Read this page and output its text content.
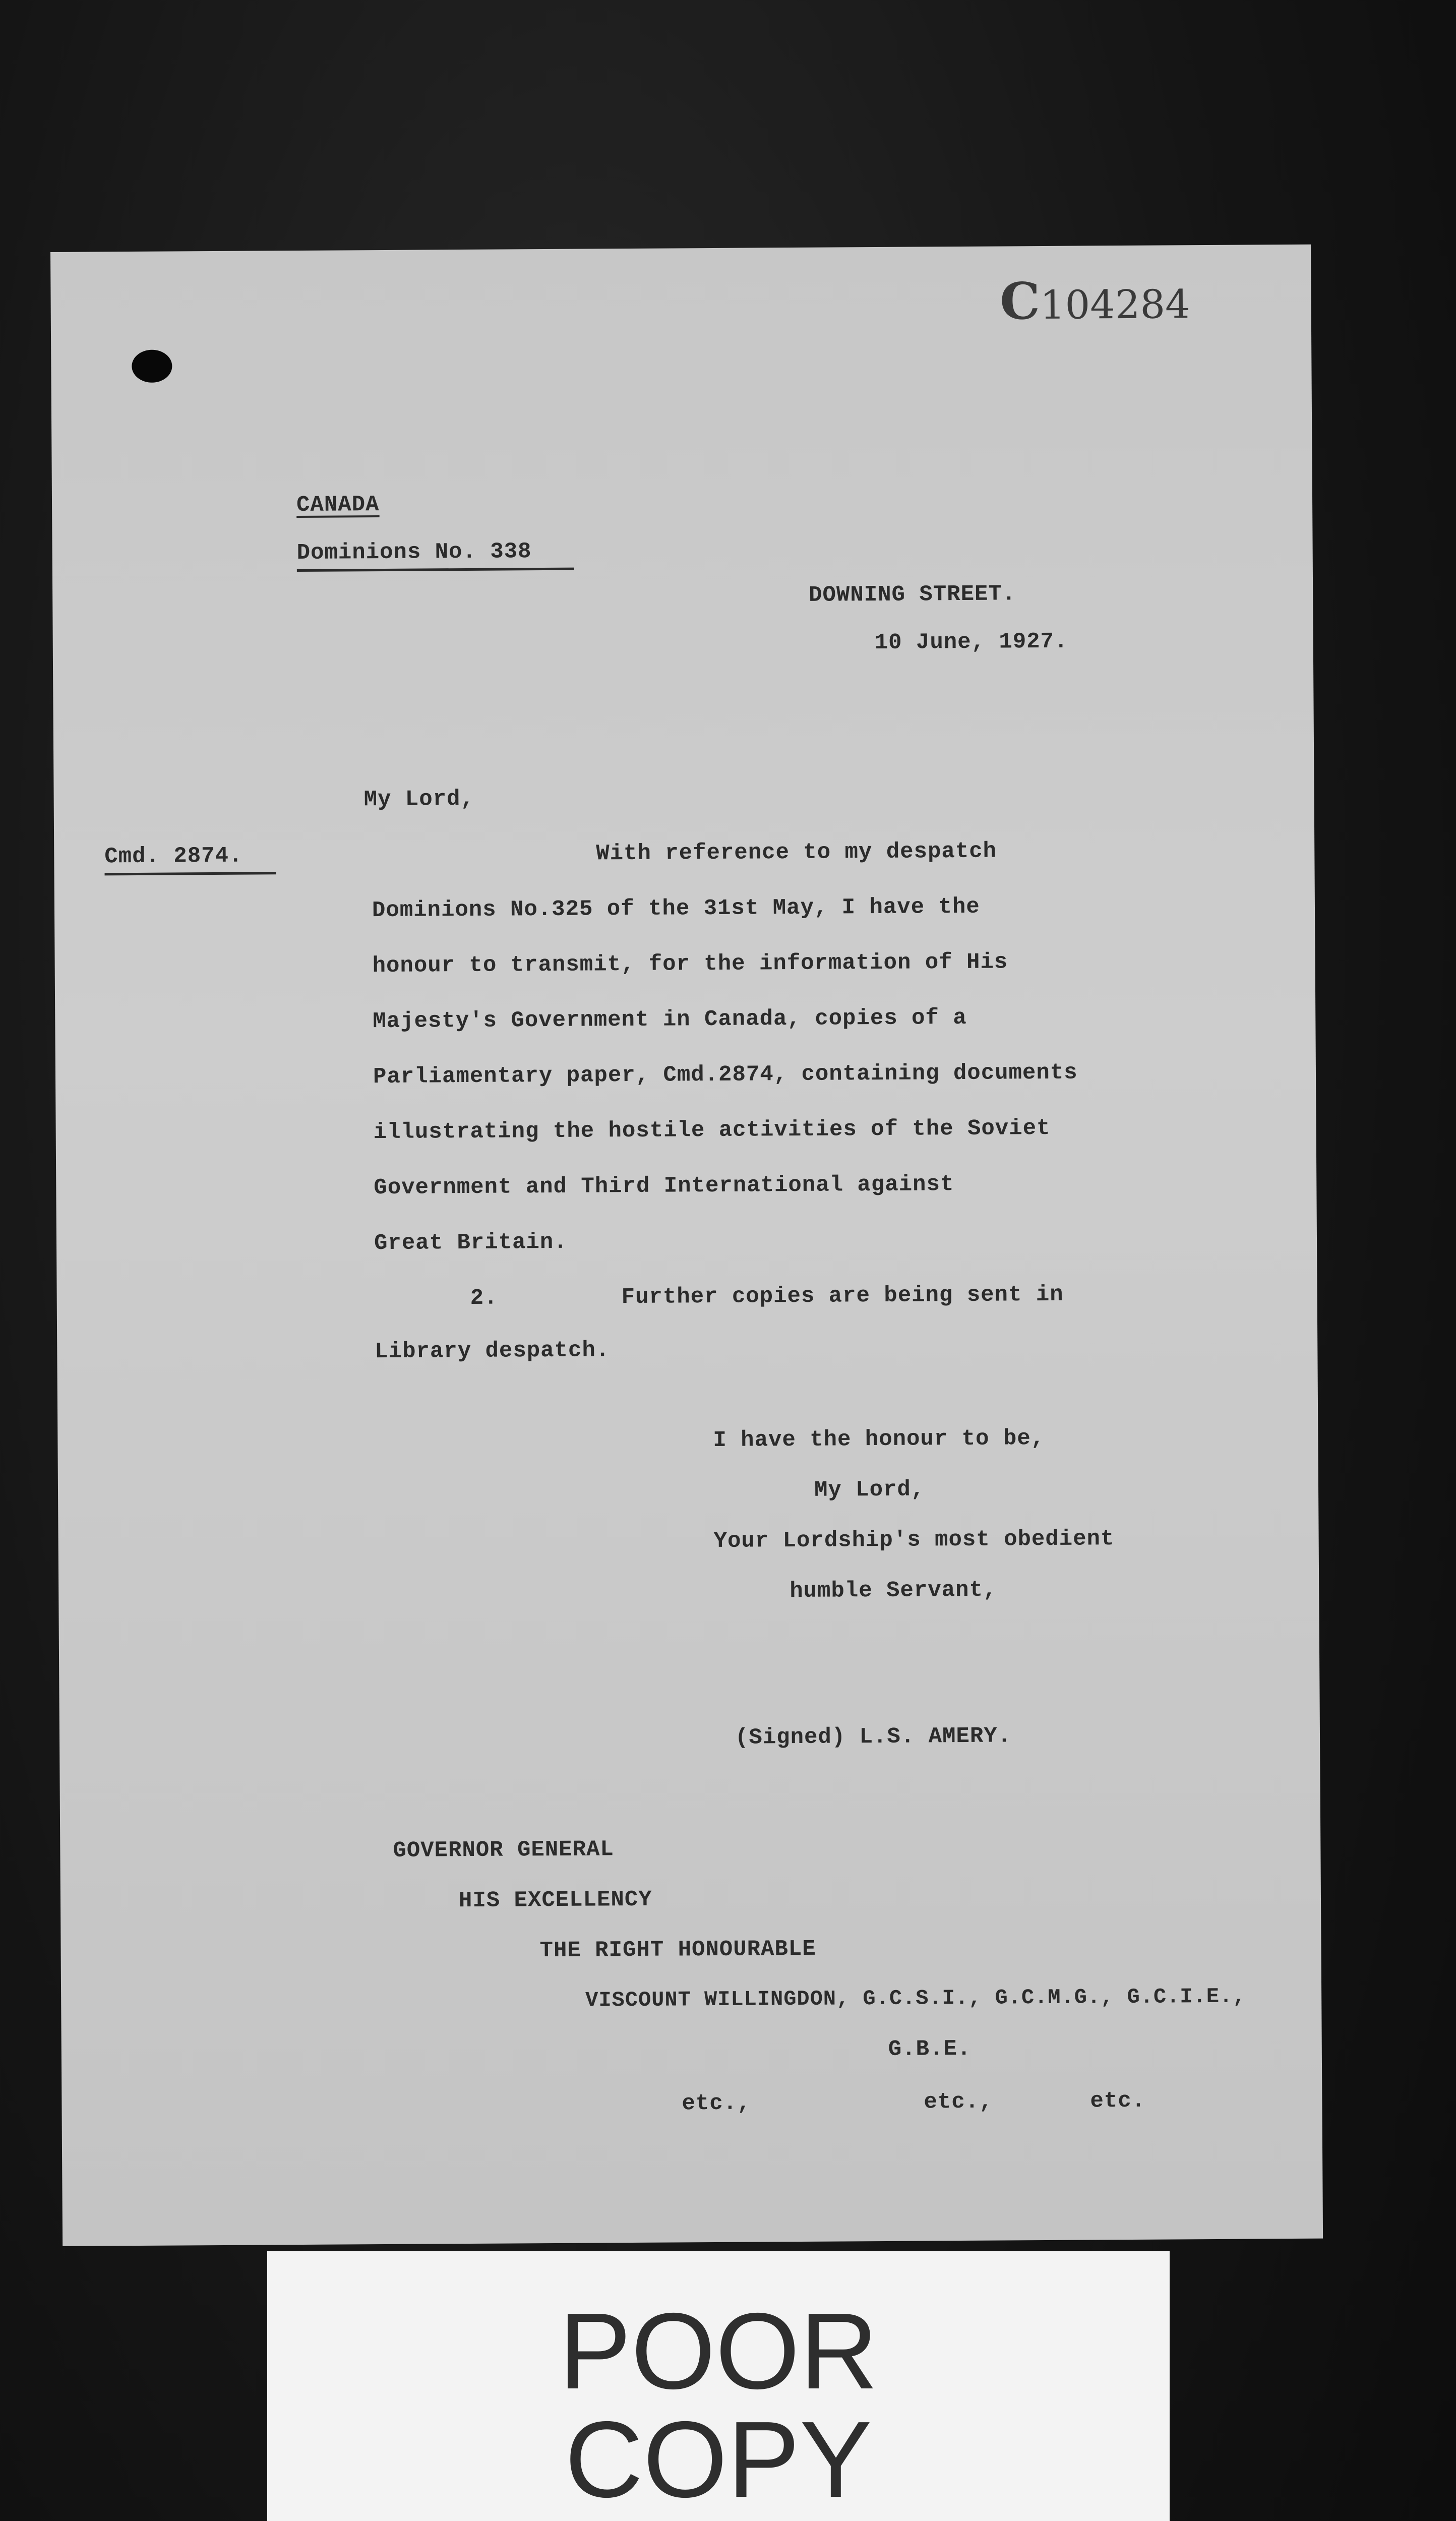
C104284
CANADA
Dominions No. 338
DOWNING STREET.
10 June, 1927.
My Lord,
Cmd. 2874.	With reference to my despatch
Dominions No.325 of the 31st May, I have the
honour to transmit, for the information of His
Majesty's Government in Canada, copies of a
Parliamentary paper, Cmd.2874, containing documents
illustrating the hostile activities of the Soviet
Government and Third International against
Great Britain.
2.	Further copies are being sent in
Library despatch.
I have the honour to be,
My Lord,
Your Lordship's most obedient
humble Servant,
(Signed) L.S. AMERY.
GOVERNOR GENERAL
HIS EXCELLENCY
THE RIGHT HONOURABLE
VISCOUNT WILLINGDON, G.C.S.I., G.C.M.G., G.C.I.E.,
G.B.E.
etc.,	etc.,	etc.
POOR
COPY
